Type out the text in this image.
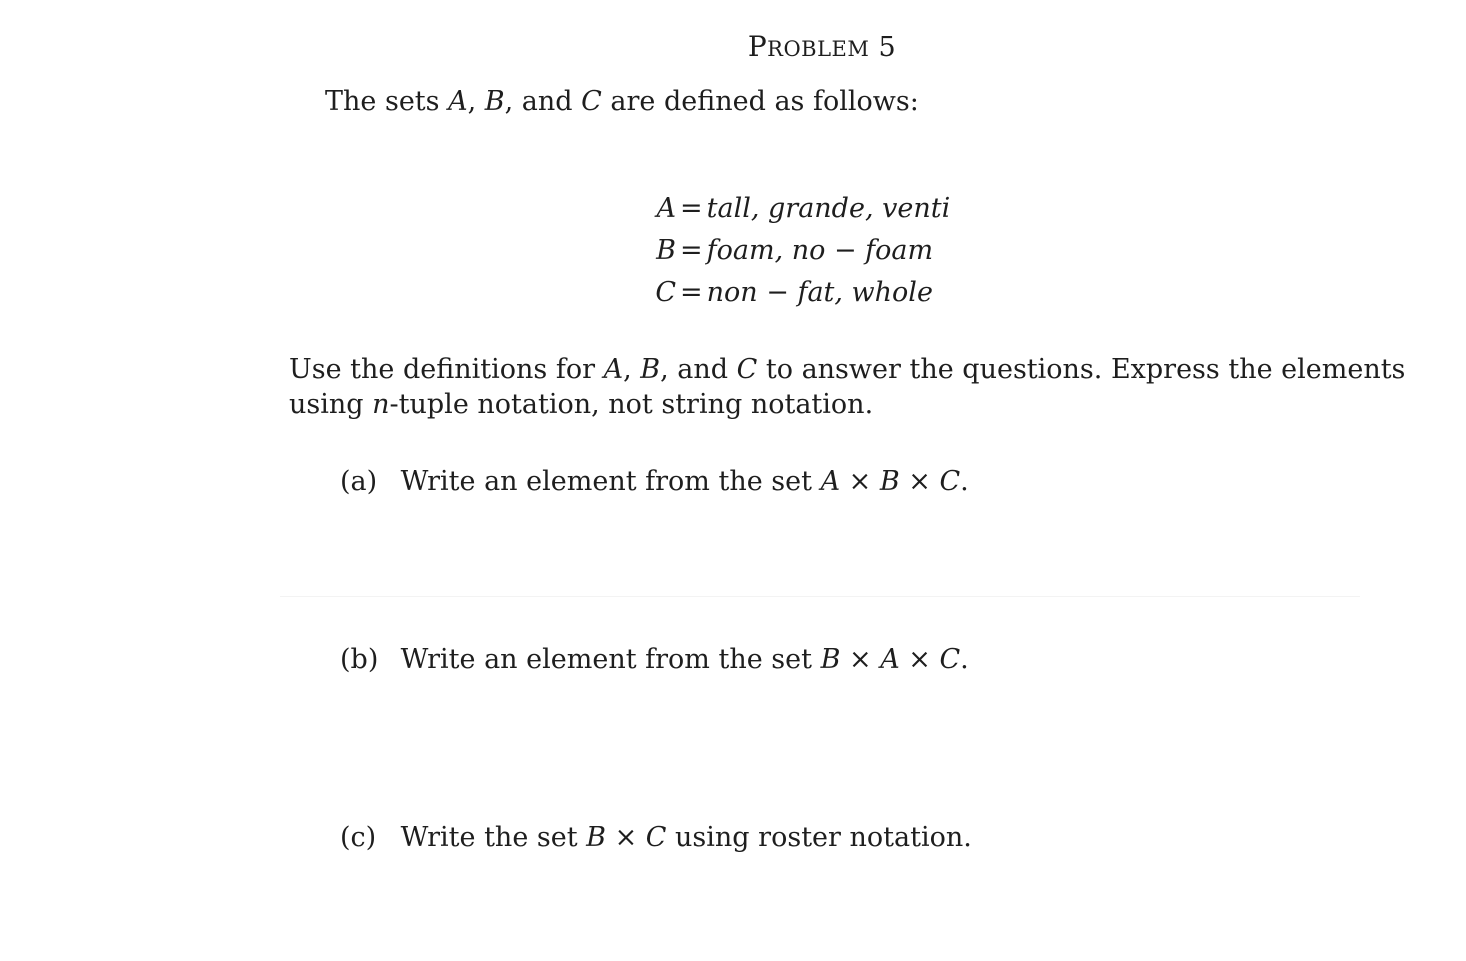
PROBLEM 5
The sets A, B, and C are defined as follows:
A = tall, grande, venti
B = foam, no − foam
C = non − fat, whole
Use the definitions for A, B, and C to answer the questions. Express the elements
using n-tuple notation, not string notation.
(a) Write an element from the set A × B × C.
(b) Write an element from the set B × A × C.
(c) Write the set B × C using roster notation.
